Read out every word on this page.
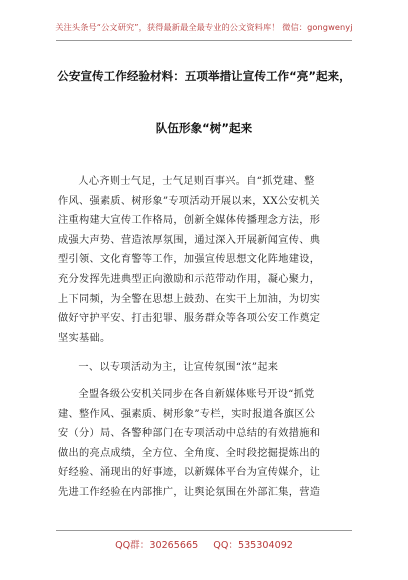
关注头条号“公文研究”，获得最新最全最专业的公文资料库！ 微信：gongwenyj
公安宣传工作经验材料：五项举措让宣传工作“亮”起来，
队伍形象“树”起来
人心齐则士气足，士气足则百事兴。自“抓党建、整
作风、强素质、树形象”专项活动开展以来，XX公安机关
注重构建大宣传工作格局，创新全媒体传播理念方法，形
成强大声势、营造浓厚氛围，通过深入开展新闻宣传、典
型引领、文化育警等工作，加强宣传思想文化阵地建设，
充分发挥先进典型正向激励和示范带动作用，凝心聚力，
上下同频，为全警在思想上鼓劲、在实干上加油，为切实
做好守护平安、打击犯罪、服务群众等各项公安工作奠定
坚实基础。
一、以专项活动为主，让宣传氛围“浓”起来
全盟各级公安机关同步在各自新媒体账号开设“抓党
建、整作风、强素质、树形象”专栏，实时报道各旗区公
安（分）局、各警种部门在专项活动中总结的有效措施和
做出的亮点成绩，全方位、全角度、全时段挖掘提炼出的
好经验、涌现出的好事迹，以新媒体平台为宣传媒介，让
先进工作经验在内部推广，让舆论氛围在外部汇集，营造
QQ群：30265665 QQ：535304092
